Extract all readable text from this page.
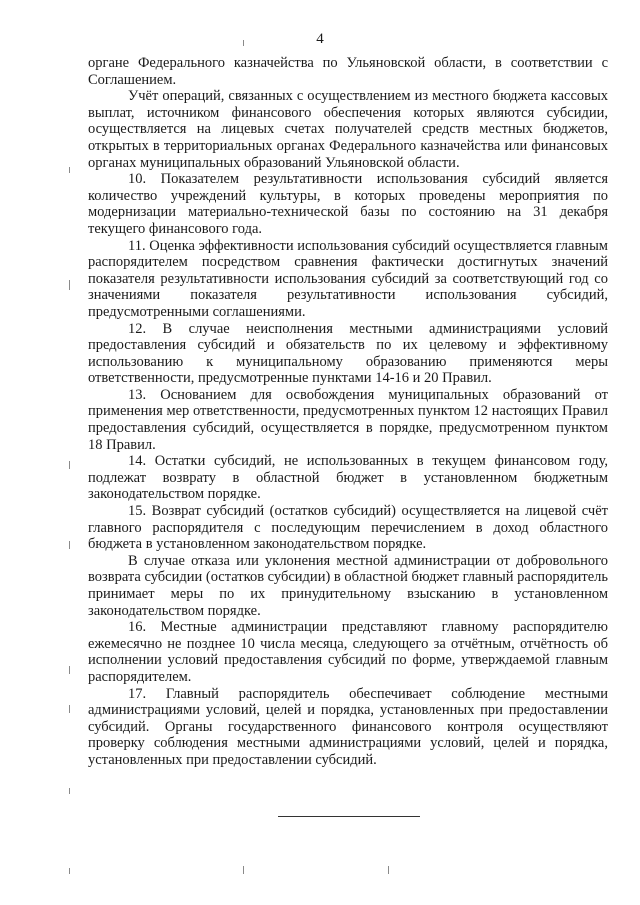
4

органе Федерального казначейства по Ульяновской области, в соответствии с Соглашением.

Учёт операций, связанных с осуществлением из местного бюджета кассовых выплат, источником финансового обеспечения которых являются субсидии, осуществляется на лицевых счетах получателей средств местных бюджетов, открытых в территориальных органах Федерального казначейства или финансовых органах муниципальных образований Ульяновской области.

10. Показателем результативности использования субсидий является количество учреждений культуры, в которых проведены мероприятия по модернизации материально-технической базы по состоянию на 31 декабря текущего финансового года.

11. Оценка эффективности использования субсидий осуществляется главным распорядителем посредством сравнения фактически достигнутых значений показателя результативности использования субсидий за соответствующий год со значениями показателя результативности использования субсидий, предусмотренными соглашениями.

12. В случае неисполнения местными администрациями условий предоставления субсидий и обязательств по их целевому и эффективному использованию к муниципальному образованию применяются меры ответственности, предусмотренные пунктами 14-16 и 20 Правил.

13. Основанием для освобождения муниципальных образований от применения мер ответственности, предусмотренных пунктом 12 настоящих Правил предоставления субсидий, осуществляется в порядке, предусмотренном пунктом 18 Правил.

14. Остатки субсидий, не использованных в текущем финансовом году, подлежат возврату в областной бюджет в установленном бюджетным законодательством порядке.

15. Возврат субсидий (остатков субсидий) осуществляется на лицевой счёт главного распорядителя с последующим перечислением в доход областного бюджета в установленном законодательством порядке.

В случае отказа или уклонения местной администрации от добровольного возврата субсидии (остатков субсидии) в областной бюджет главный распорядитель принимает меры по их принудительному взысканию в установленном законодательством порядке.

16. Местные администрации представляют главному распорядителю ежемесячно не позднее 10 числа месяца, следующего за отчётным, отчётность об исполнении условий предоставления субсидий по форме, утверждаемой главным распорядителем.

17. Главный распорядитель обеспечивает соблюдение местными администрациями условий, целей и порядка, установленных при предоставлении субсидий. Органы государственного финансового контроля осуществляют проверку соблюдения местными администрациями условий, целей и порядка, установленных при предоставлении субсидий.
